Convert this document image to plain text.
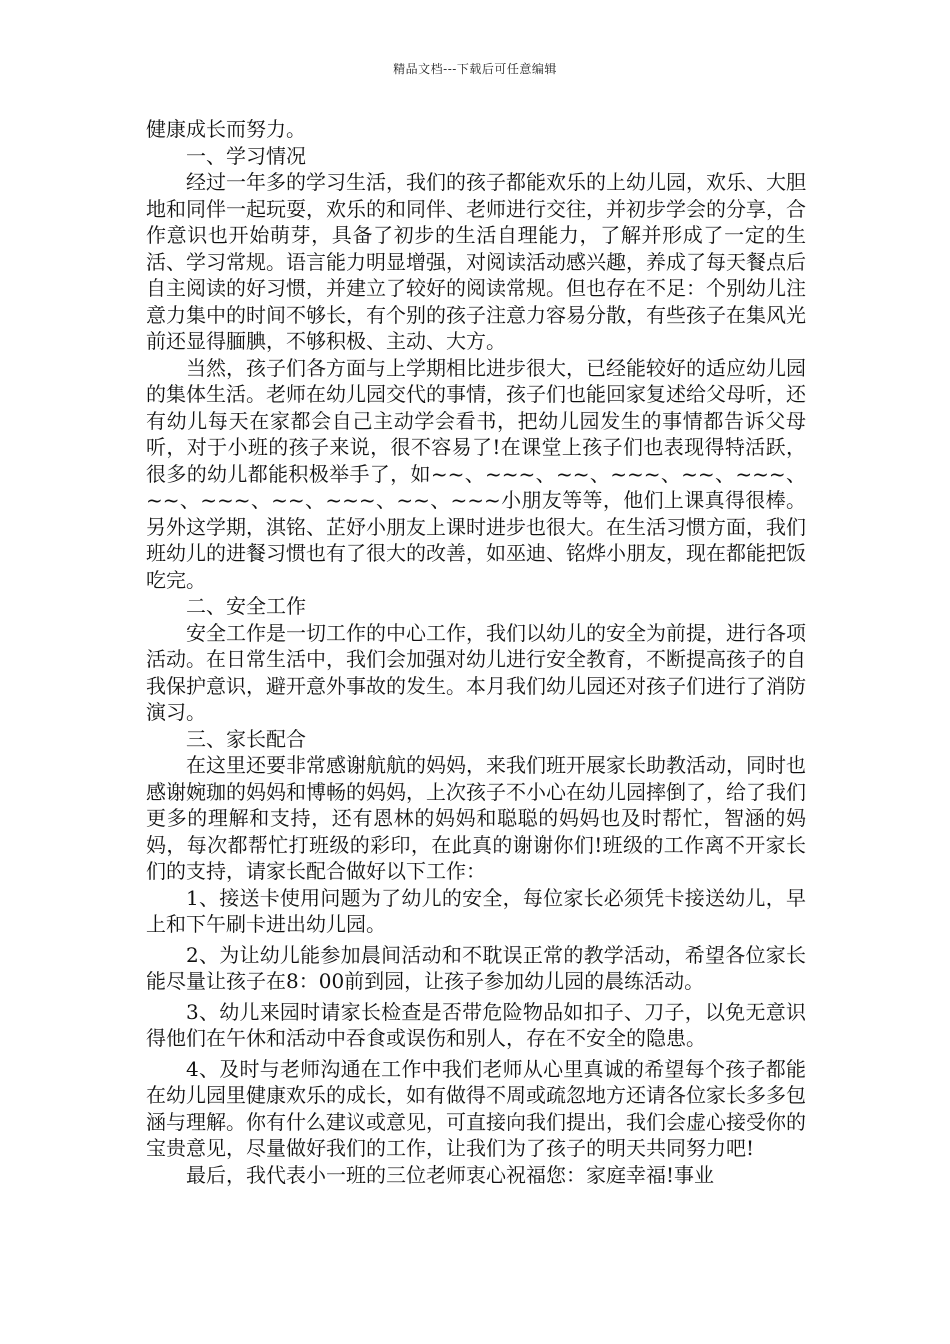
精品文档---下载后可任意编辑

健康成长而努力。

一、学习情况

经过一年多的学习生活，我们的孩子都能欢乐的上幼儿园，欢乐、大胆地和同伴一起玩耍，欢乐的和同伴、老师进行交往，并初步学会的分享，合作意识也开始萌芽，具备了初步的生活自理能力，了解并形成了一定的生活、学习常规。语言能力明显增强，对阅读活动感兴趣，养成了每天餐点后自主阅读的好习惯，并建立了较好的阅读常规。但也存在不足：个别幼儿注意力集中的时间不够长，有个别的孩子注意力容易分散，有些孩子在集风光前还显得腼腆，不够积极、主动、大方。

当然，孩子们各方面与上学期相比进步很大，已经能较好的适应幼儿园的集体生活。老师在幼儿园交代的事情，孩子们也能回家复述给父母听，还有幼儿每天在家都会自己主动学会看书，把幼儿园发生的事情都告诉父母听，对于小班的孩子来说，很不容易了!在课堂上孩子们也表现得特活跃，很多的幼儿都能积极举手了，如~~、~~~、~~、~~~、~~、~~~、~~、~~~、~~、~~~、~~、~~~小朋友等等，他们上课真得很棒。另外这学期，淇铭、芷妤小朋友上课时进步也很大。在生活习惯方面，我们班幼儿的进餐习惯也有了很大的改善，如巫迪、铭烨小朋友，现在都能把饭吃完。

二、安全工作

安全工作是一切工作的中心工作，我们以幼儿的安全为前提，进行各项活动。在日常生活中，我们会加强对幼儿进行安全教育，不断提高孩子的自我保护意识，避开意外事故的发生。本月我们幼儿园还对孩子们进行了消防演习。

三、家长配合

在这里还要非常感谢航航的妈妈，来我们班开展家长助教活动，同时也感谢婉珈的妈妈和博畅的妈妈，上次孩子不小心在幼儿园摔倒了，给了我们更多的理解和支持，还有恩林的妈妈和聪聪的妈妈也及时帮忙，智涵的妈妈，每次都帮忙打班级的彩印，在此真的谢谢你们!班级的工作离不开家长们的支持，请家长配合做好以下工作：

1、接送卡使用问题为了幼儿的安全，每位家长必须凭卡接送幼儿，早上和下午刷卡进出幼儿园。

2、为让幼儿能参加晨间活动和不耽误正常的教学活动，希望各位家长能尽量让孩子在8：00前到园，让孩子参加幼儿园的晨练活动。

3、幼儿来园时请家长检查是否带危险物品如扣子、刀子，以免无意识得他们在午休和活动中吞食或误伤和别人，存在不安全的隐患。

4、及时与老师沟通在工作中我们老师从心里真诚的希望每个孩子都能在幼儿园里健康欢乐的成长，如有做得不周或疏忽地方还请各位家长多多包涵与理解。你有什么建议或意见，可直接向我们提出，我们会虚心接受你的宝贵意见，尽量做好我们的工作，让我们为了孩子的明天共同努力吧!

最后，我代表小一班的三位老师衷心祝福您：家庭幸福!事业
